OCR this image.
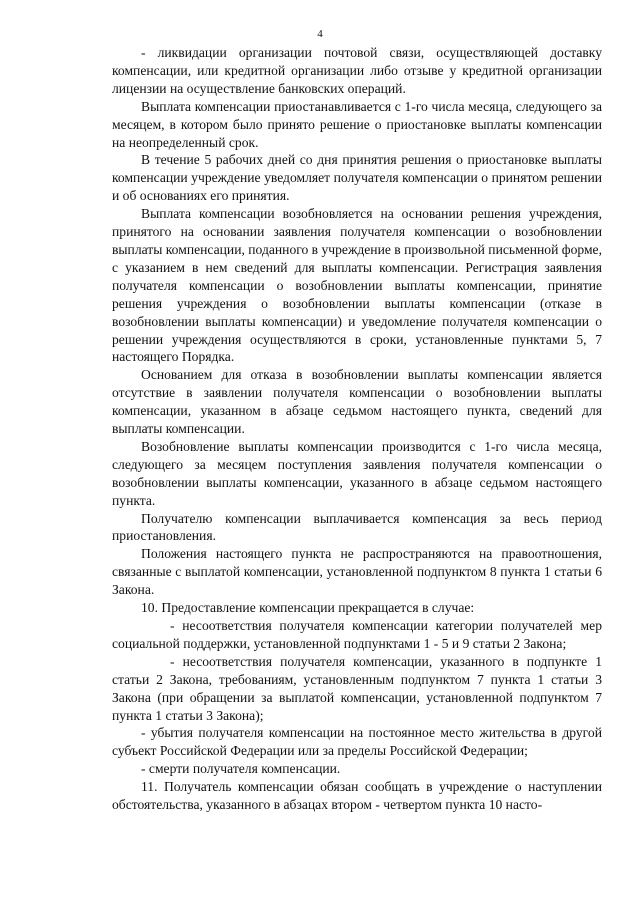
4

- ликвидации организации почтовой связи, осуществляющей доставку компенсации, или кредитной организации либо отзыве у кредитной организации лицензии на осуществление банковских операций.

Выплата компенсации приостанавливается с 1-го числа месяца, следующего за месяцем, в котором было принято решение о приостановке выплаты компенсации на неопределенный срок.

В течение 5 рабочих дней со дня принятия решения о приостановке выплаты компенсации учреждение уведомляет получателя компенсации о принятом решении и об основаниях его принятия.

Выплата компенсации возобновляется на основании решения учреждения, принятого на основании заявления получателя компенсации о возобновлении выплаты компенсации, поданного в учреждение в произвольной письменной форме, с указанием в нем сведений для выплаты компенсации. Регистрация заявления получателя компенсации о возобновлении выплаты компенсации, принятие решения учреждения о возобновлении выплаты компенсации (отказе в возобновлении выплаты компенсации) и уведомление получателя компенсации о решении учреждения осуществляются в сроки, установленные пунктами 5, 7 настоящего Порядка.

Основанием для отказа в возобновлении выплаты компенсации является отсутствие в заявлении получателя компенсации о возобновлении выплаты компенсации, указанном в абзаце седьмом настоящего пункта, сведений для выплаты компенсации.

Возобновление выплаты компенсации производится с 1-го числа месяца, следующего за месяцем поступления заявления получателя компенсации о возобновлении выплаты компенсации, указанного в абзаце седьмом настоящего пункта.

Получателю компенсации выплачивается компенсация за весь период приостановления.

Положения настоящего пункта не распространяются на правоотношения, связанные с выплатой компенсации, установленной подпунктом 8 пункта 1 статьи 6 Закона.

10. Предоставление компенсации прекращается в случае:

- несоответствия получателя компенсации категории получателей мер социальной поддержки, установленной подпунктами 1 - 5 и 9 статьи 2 Закона;

- несоответствия получателя компенсации, указанного в подпункте 1 статьи 2 Закона, требованиям, установленным подпунктом 7 пункта 1 статьи 3 Закона (при обращении за выплатой компенсации, установленной подпунктом 7 пункта 1 статьи 3 Закона);

- убытия получателя компенсации на постоянное место жительства в другой субъект Российской Федерации или за пределы Российской Федерации;

- смерти получателя компенсации.

11. Получатель компенсации обязан сообщать в учреждение о наступлении обстоятельства, указанного в абзацах втором - четвертом пункта 10 насто-
